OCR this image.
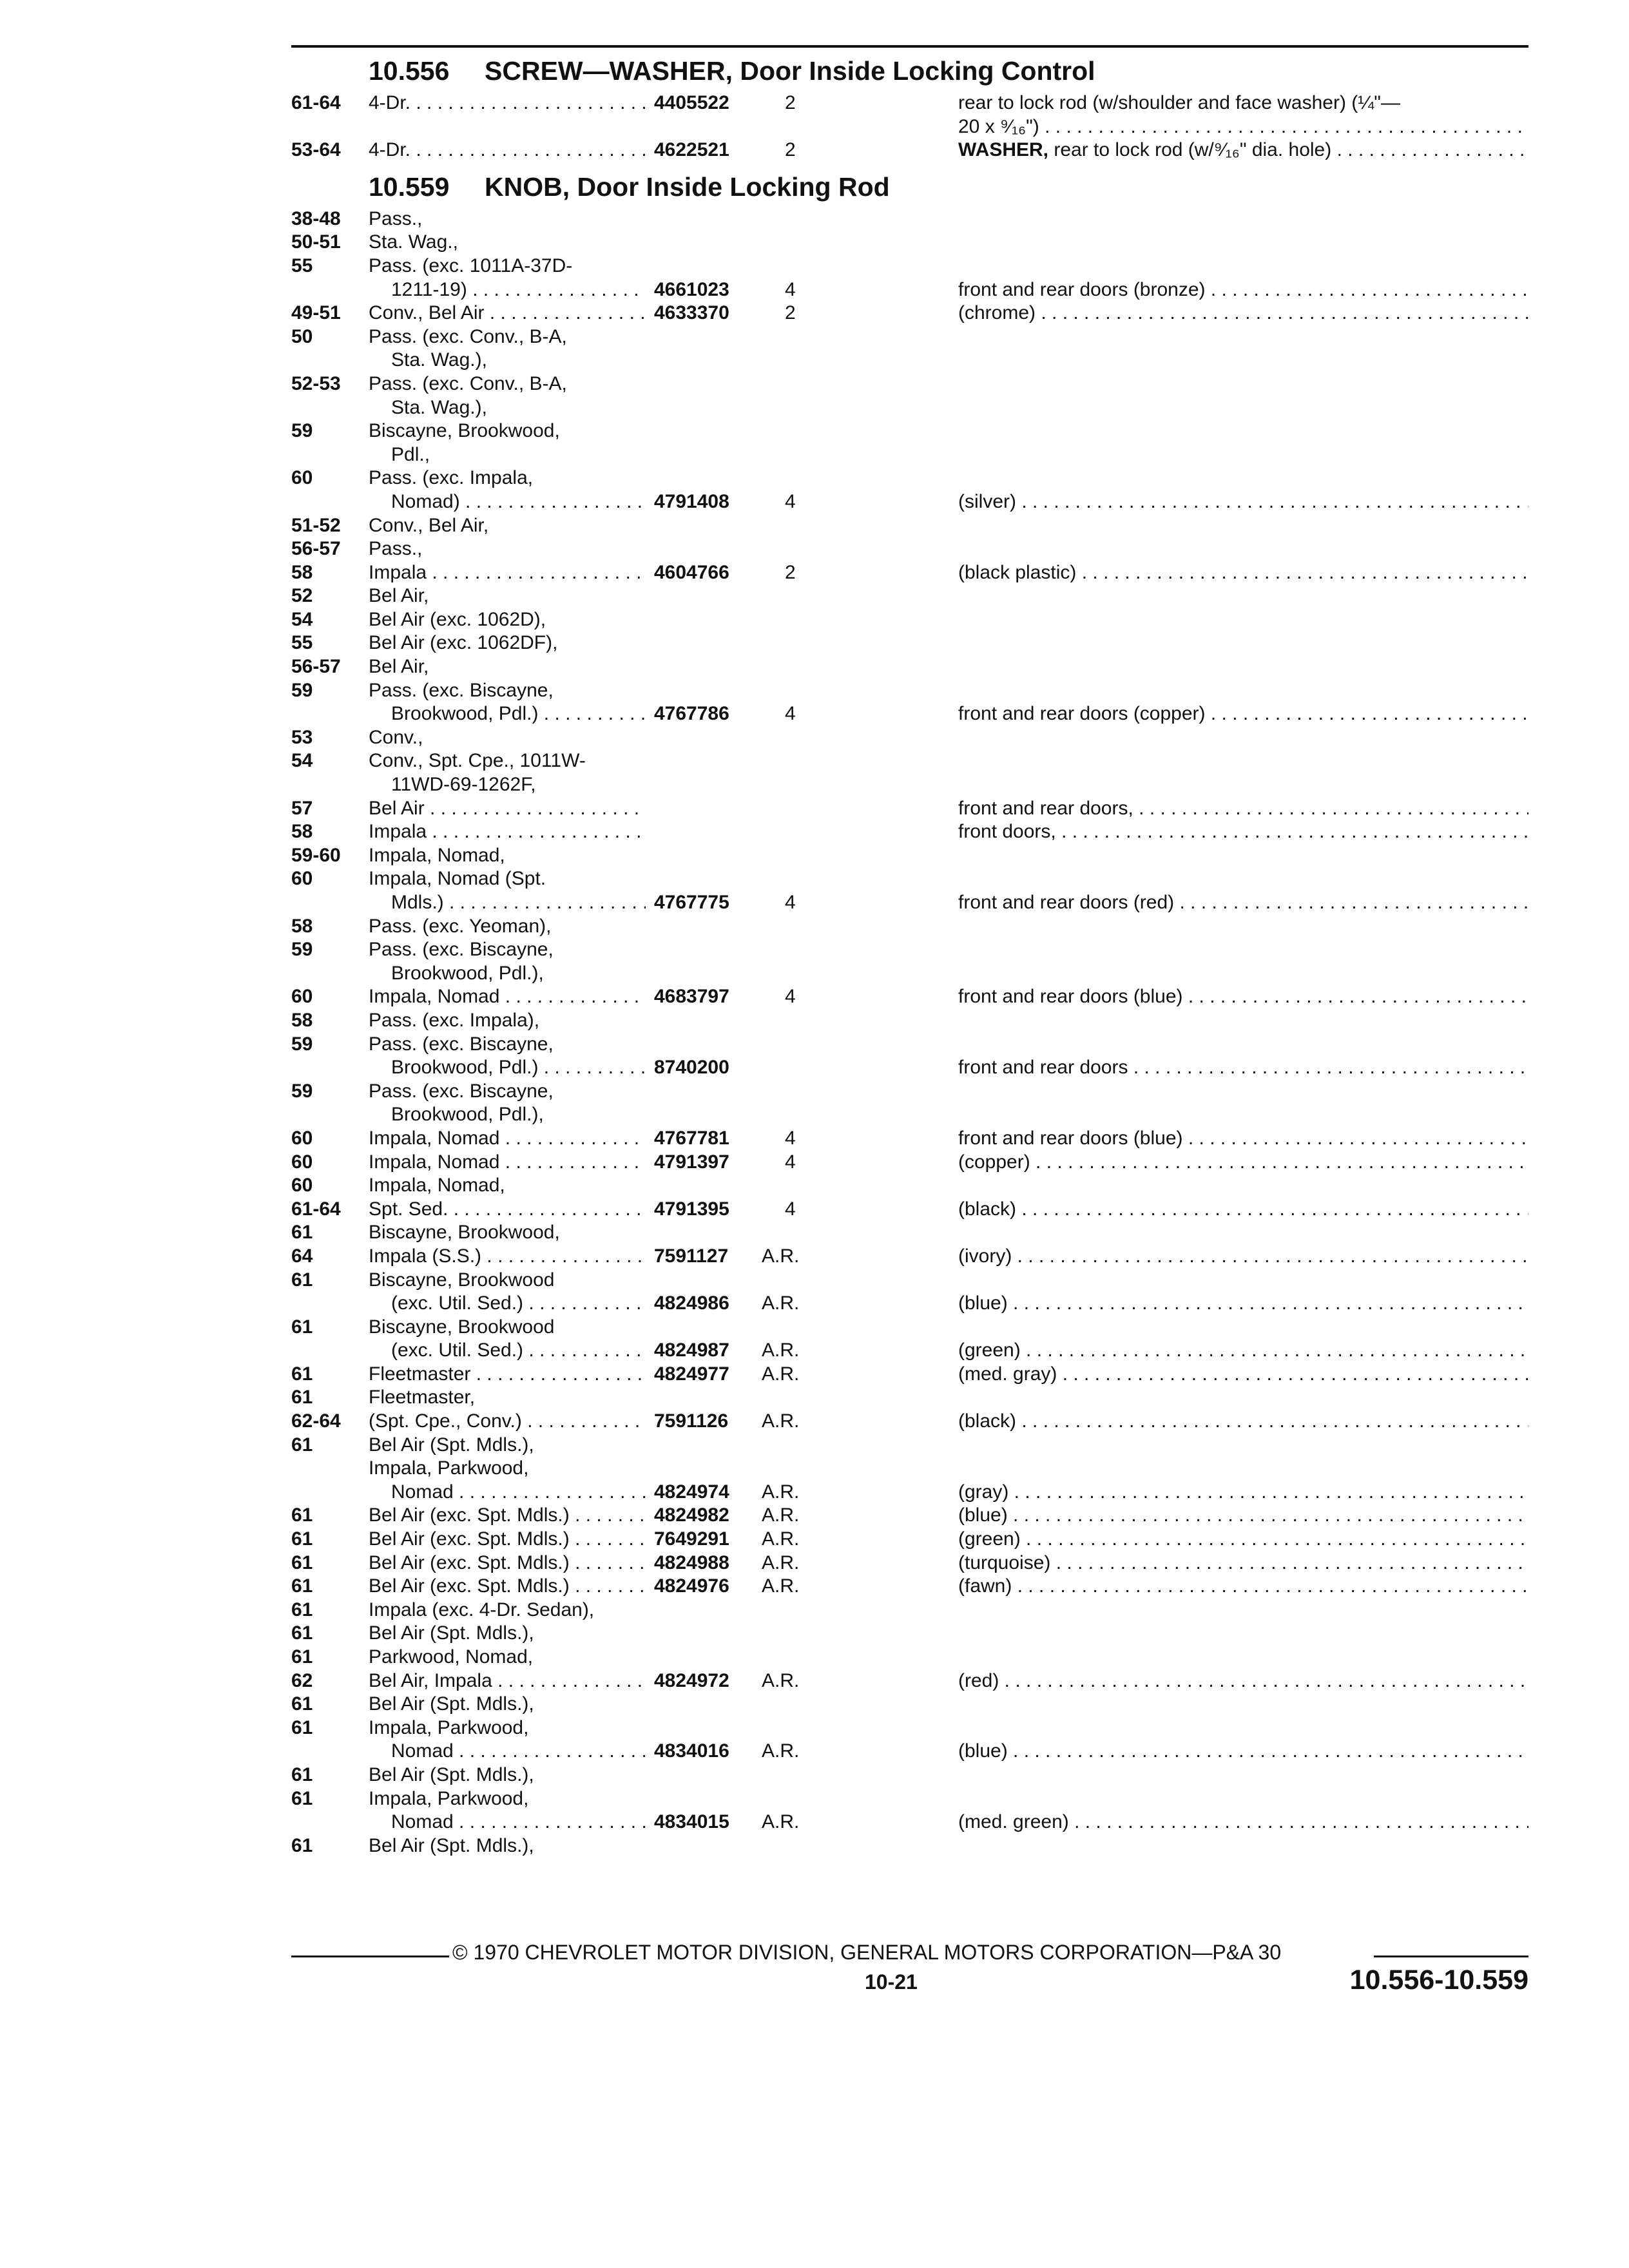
10.556 SCREW—WASHER, Door Inside Locking Control
61-64	4-Dr. . . .	4405522	2	rear to lock rod (w/shoulder and face washer) (¼"—
20 x ⁹⁄₁₆") . . .
53-64	4-Dr. . . .	4622521	2	WASHER, rear to lock rod (w/⁹⁄₁₆" dia. hole) . . .
10.559 KNOB, Door Inside Locking Rod
38-48	Pass.,
50-51	Sta. Wag.,
55	Pass. (exc. 1011A-37D-
1211-19) . . .	4661023	4	front and rear doors (bronze) . . .
49-51	Conv., Bel Air . . .	4633370	2	(chrome) . . .
50	Pass. (exc. Conv., B-A,
Sta. Wag.),
52-53	Pass. (exc. Conv., B-A,
Sta. Wag.),
59	Biscayne, Brookwood,
Pdl.,
60	Pass. (exc. Impala,
Nomad) . . .	4791408	4	(silver) . . .
51-52	Conv., Bel Air,
56-57	Pass.,
58	Impala . . .	4604766	2	(black plastic) . . .
52	Bel Air,
54	Bel Air (exc. 1062D),
55	Bel Air (exc. 1062DF),
56-57	Bel Air,
59	Pass. (exc. Biscayne,
Brookwood, Pdl.) . . .	4767786	4	front and rear doors (copper) . . .
53	Conv.,
54	Conv., Spt. Cpe., 1011W-
11WD-69-1262F,
57	Bel Air . . .	front and rear doors, . . .
58	Impala . . .	front doors, . . .
59-60	Impala, Nomad,
60	Impala, Nomad (Spt.
Mdls.) . . .	4767775	4	front and rear doors (red) . . .
58	Pass. (exc. Yeoman),
59	Pass. (exc. Biscayne,
Brookwood, Pdl.),
60	Impala, Nomad . . .	4683797	4	front and rear doors (blue) . . .
58	Pass. (exc. Impala),
59	Pass. (exc. Biscayne,
Brookwood, Pdl.) . . .	8740200	front and rear doors . . .
59	Pass. (exc. Biscayne,
Brookwood, Pdl.),
60	Impala, Nomad . . .	4767781	4	front and rear doors (blue) . . .
60	Impala, Nomad . . .	4791397	4	(copper) . . .
60	Impala, Nomad,
61-64	Spt. Sed. . . .	4791395	4	(black) . . .
61	Biscayne, Brookwood,
64	Impala (S.S.) . . .	7591127 A.R.	(ivory) . . .
61	Biscayne, Brookwood
(exc. Util. Sed.) . . .	4824986 A.R.	(blue) . . .
61	Biscayne, Brookwood
(exc. Util. Sed.) . . .	4824987 A.R.	(green) . . .
61	Fleetmaster . . .	4824977 A.R.	(med. gray) . . .
61	Fleetmaster,
62-64	(Spt. Cpe., Conv.) . . .	7591126 A.R.	(black) . . .
61	Bel Air (Spt. Mdls.),
Impala, Parkwood,
Nomad . . .	4824974 A.R.	(gray) . . .
61	Bel Air (exc. Spt. Mdls.) . . .	4824982 A.R.	(blue) . . .
61	Bel Air (exc. Spt. Mdls.) . . .	7649291 A.R.	(green) . . .
61	Bel Air (exc. Spt. Mdls.) . . .	4824988 A.R.	(turquoise) . . .
61	Bel Air (exc. Spt. Mdls.) . . .	4824976 A.R.	(fawn) . . .
61	Impala (exc. 4-Dr. Sedan),
61	Bel Air (Spt. Mdls.),
61	Parkwood, Nomad,
62	Bel Air, Impala . . .	4824972 A.R.	(red) . . .
61	Bel Air (Spt. Mdls.),
61	Impala, Parkwood,
Nomad . . .	4834016 A.R.	(blue) . . .
61	Bel Air (Spt. Mdls.),
61	Impala, Parkwood,
Nomad . . .	4834015 A.R.	(med. green) . . .
61	Bel Air (Spt. Mdls.),
© 1970 CHEVROLET MOTOR DIVISION, GENERAL MOTORS CORPORATION—P&A 30
10-21	10.556-10.559
